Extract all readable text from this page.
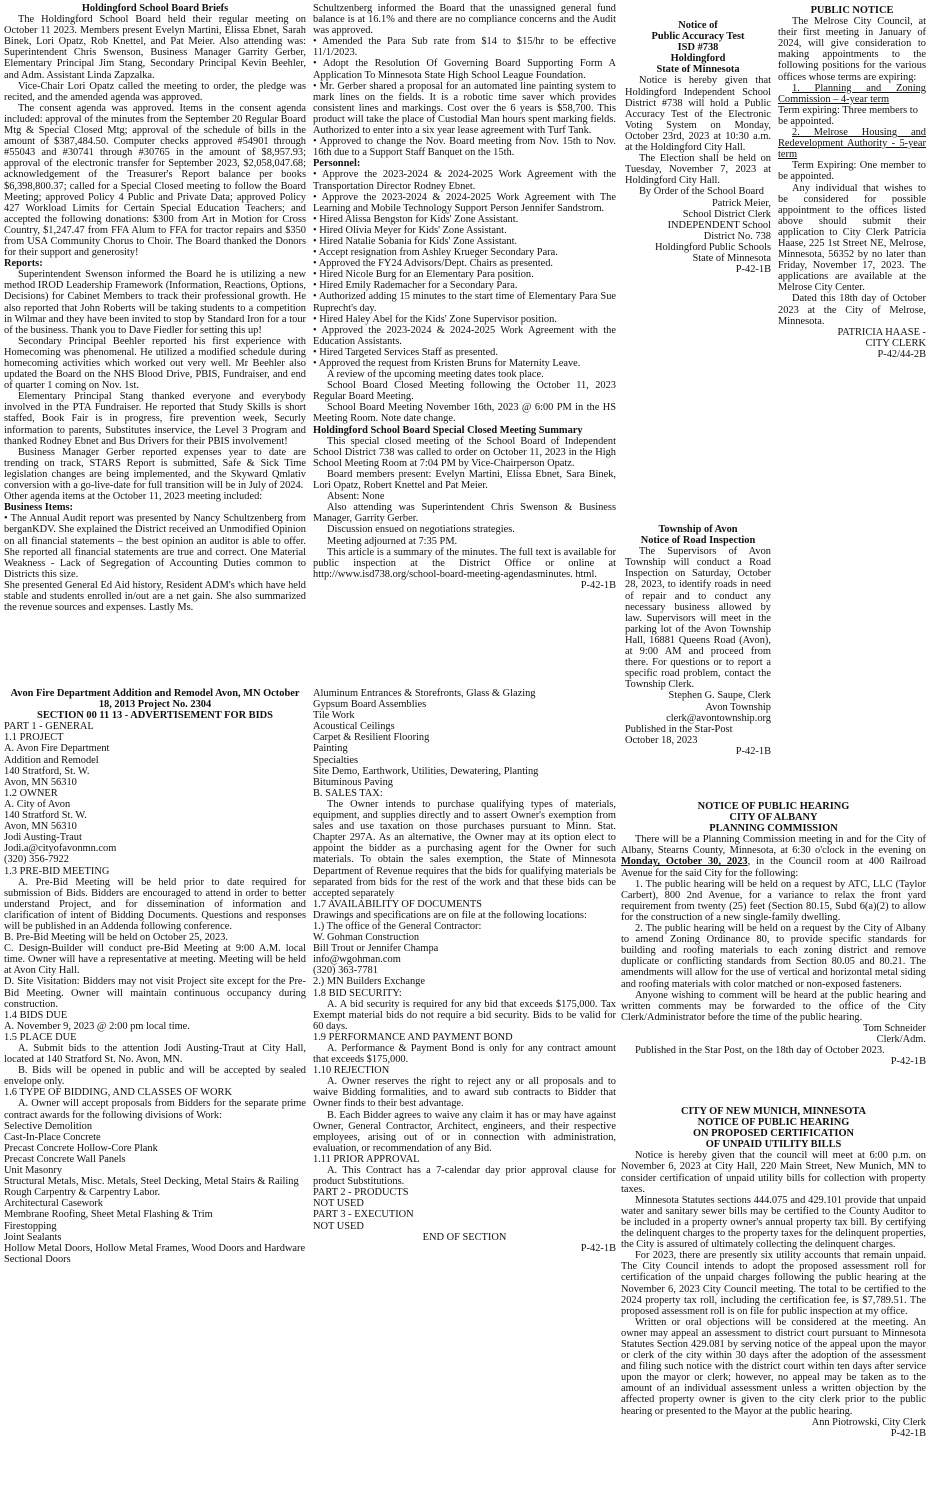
Holdingford School Board Briefs

The Holdingford School Board held their regular meeting on October 11 2023. Members present Evelyn Martini, Elissa Ebnet, Sarah Binek, Lori Opatz, Rob Knettel, and Pat Meier. Also attending was: Superintendent Chris Swenson, Business Manager Garrity Gerber, Elementary Principal Jim Stang, Secondary Principal Kevin Beehler, and Adm. Assistant Linda Zapzalka.

Vice-Chair Lori Opatz called the meeting to order, the pledge was recited, and the amended agenda was approved.

The consent agenda was approved. Items in the consent agenda included: approval of the minutes from the September 20 Regular Board Mtg & Special Closed Mtg; approval of the schedule of bills in the amount of $387,484.50. Computer checks approved #54901 through #55043 and #30741 through #30765 in the amount of $8,957.93; approval of the electronic transfer for September 2023, $2,058,047.68; acknowledgement of the Treasurer's Report balance per books $6,398,800.37; called for a Special Closed meeting to follow the Board Meeting; approved Policy 4 Public and Private Data; approved Policy 427 Workload Limits for Certain Special Education Teachers; and accepted the following donations: $300 from Art in Motion for Cross Country, $1,247.47 from FFA Alum to FFA for tractor repairs and $350 from USA Community Chorus to Choir. The Board thanked the Donors for their support and generosity!

Reports:

Superintendent Swenson informed the Board he is utilizing a new method IROD Leadership Framework (Information, Reactions, Options, Decisions) for Cabinet Members to track their professional growth. He also reported that John Roberts will be taking students to a competition in Wilmar and they have been invited to stop by Standard Iron for a tour of the business. Thank you to Dave Fiedler for setting this up!

Secondary Principal Beehler reported his first experience with Homecoming was phenomenal. He utilized a modified schedule during homecoming activities which worked out very well. Mr Beehler also updated the Board on the NHS Blood Drive, PBIS, Fundraiser, and end of quarter 1 coming on Nov. 1st.

Elementary Principal Stang thanked everyone and everybody involved in the PTA Fundraiser. He reported that Study Skills is short staffed, Book Fair is in progress, fire prevention week, Securly information to parents, Substitutes inservice, the Level 3 Program and thanked Rodney Ebnet and Bus Drivers for their PBIS involvement!

Business Manager Gerber reported expenses year to date are trending on track, STARS Report is submitted, Safe & Sick Time legislation changes are being implemented, and the Skyward Qmlativ conversion with a go-live-date for full transition will be in July of 2024.

Other agenda items at the October 11, 2023 meeting included:

Business Items:

• The Annual Audit report was presented by Nancy Schultzenberg from berganKDV. She explained the District received an Unmodified Opinion on all financial statements – the best opinion an auditor is able to offer. She reported all financial statements are true and correct. One Material Weakness - Lack of Segregation of Accounting Duties common to Districts this size.

She presented General Ed Aid history, Resident ADM's which have held stable and students enrolled in/out are a net gain. She also summarized the revenue sources and expenses. Lastly Ms.

Schultzenberg informed the Board that the unassigned general fund balance is at 16.1% and there are no compliance concerns and the Audit was approved.

• Amended the Para Sub rate from $14 to $15/hr to be effective 11/1/2023.

• Adopt the Resolution Of Governing Board Supporting Form A Application To Minnesota State High School League Foundation.

• Mr. Gerber shared a proposal for an automated line painting system to mark lines on the fields. It is a robotic time saver which provides consistent lines and markings. Cost over the 6 years is $58,700. This product will take the place of Custodial Man hours spent marking fields. Authorized to enter into a six year lease agreement with Turf Tank.

• Approved to change the Nov. Board meeting from Nov. 15th to Nov. 16th due to a Support Staff Banquet on the 15th.

Personnel:

• Approve the 2023-2024 & 2024-2025 Work Agreement with the Transportation Director Rodney Ebnet.

• Approve the 2023-2024 & 2024-2025 Work Agreement with The Learning and Mobile Technology Support Person Jennifer Sandstrom.

• Hired Alissa Bengston for Kids' Zone Assistant.
• Hired Olivia Meyer for Kids' Zone Assistant.
• Hired Natalie Sobania for Kids' Zone Assistant.
• Accept resignation from Ashley Krueger Secondary Para.
• Approved the FY24 Advisors/Dept. Chairs as presented.
• Hired Nicole Burg for an Elementary Para position.
• Hired Emily Rademacher for a Secondary Para.

• Authorized adding 15 minutes to the start time of Elementary Para Sue Ruprecht's day.

• Hired Haley Abel for the Kids' Zone Supervisor position.

• Approved the 2023-2024 & 2024-2025 Work Agreement with the Education Assistants.

• Hired Targeted Services Staff as presented.
• Approved the request from Kristen Bruns for Maternity Leave.

A review of the upcoming meeting dates took place.

School Board Closed Meeting following the October 11, 2023 Regular Board Meeting.

School Board Meeting November 16th, 2023 @ 6:00 PM in the HS Meeting Room. Note date change.

Holdingford School Board Special Closed Meeting Summary

This special closed meeting of the School Board of Independent School District 738 was called to order on October 11, 2023 in the High School Meeting Room at 7:04 PM by Vice-Chairperson Opatz.

Board members present: Evelyn Martini, Elissa Ebnet, Sara Binek, Lori Opatz, Robert Knettel and Pat Meier.

Absent: None

Also attending was Superintendent Chris Swenson & Business Manager, Garrity Gerber.

Discussion ensued on negotiations strategies.

Meeting adjourned at 7:35 PM.

This article is a summary of the minutes. The full text is available for public inspection at the District Office or online at http://www.isd738.org/school-board-meeting-agendasminutes. html.

P-42-1B

Notice of
Public Accuracy Test
ISD #738
Holdingford
State of Minnesota

Notice is hereby given that Holdingford Independent School District #738 will hold a Public Accuracy Test of the Electronic Voting System on Monday, October 23rd, 2023 at 10:30 a.m. at the Holdingford City Hall.

The Election shall be held on Tuesday, November 7, 2023 at Holdingford City Hall.

By Order of the School Board

Patrick Meier,
School District Clerk
INDEPENDENT School
District No. 738
Holdingford Public Schools
State of Minnesota

P-42-1B

PUBLIC NOTICE

The Melrose City Council, at their first meeting in January of 2024, will give consideration to making appointments to the following positions for the various offices whose terms are expiring:

1. Planning and Zoning Commission – 4-year term

Term expiring: Three members to be appointed.

2. Melrose Housing and Redevelopment Authority - 5-year term

Term Expiring: One member to be appointed.

Any individual that wishes to be considered for possible appointment to the offices listed above should submit their application to City Clerk Patricia Haase, 225 1st Street NE, Melrose, Minnesota, 56352 by no later than Friday, November 17, 2023. The applications are available at the Melrose City Center.

Dated this 18th day of October 2023 at the City of Melrose, Minnesota.

PATRICIA HAASE -
CITY CLERK

P-42/44-2B

Township of Avon
Notice of Road Inspection

The Supervisors of Avon Township will conduct a Road Inspection on Saturday, October 28, 2023, to identify roads in need of repair and to conduct any necessary business allowed by law. Supervisors will meet in the parking lot of the Avon Township Hall, 16881 Queens Road (Avon), at 9:00 AM and proceed from there. For questions or to report a specific road problem, contact the Township Clerk.

Stephen G. Saupe, Clerk
Avon Township
clerk@avontownship.org

Published in the Star-Post
October 18, 2023

P-42-1B

Avon Fire Department Addition and Remodel Avon, MN October 18, 2013 Project No. 2304
SECTION 00 11 13 - ADVERTISEMENT FOR BIDS
PART 1 - GENERAL
1.1 PROJECT
A. Avon Fire Department
Addition and Remodel
140 Stratford, St. W.
Avon, MN 56310
1.2 OWNER
A. City of Avon
140 Stratford St. W.
Avon, MN 56310
Jodi Austing-Traut
Jodi.a@cityofavonmn.com
(320) 356-7922
1.3 PRE-BID MEETING

A. Pre-Bid Meeting will be held prior to date required for submission of Bids. Bidders are encouraged to attend in order to better understand Project, and for dissemination of information and clarification of intent of Bidding Documents. Questions and responses will be published in an Addenda following conference.

B. Pre-Bid Meeting will be held on October 25, 2023.

C. Design-Builder will conduct pre-Bid Meeting at 9:00 A.M. local time. Owner will have a representative at meeting. Meeting will be held at Avon City Hall.

D. Site Visitation: Bidders may not visit Project site except for the Pre-Bid Meeting. Owner will maintain continuous occupancy during construction.

1.4 BIDS DUE
A. November 9, 2023 @ 2:00 pm local time.
1.5 PLACE DUE

A. Submit bids to the attention Jodi Austing-Traut at City Hall, located at 140 Stratford St. No. Avon, MN.

B. Bids will be opened in public and will be accepted by sealed envelope only.

1.6 TYPE OF BIDDING, AND CLASSES OF WORK

A. Owner will accept proposals from Bidders for the separate prime contract awards for the following divisions of Work:

Selective Demolition
Cast-In-Place Concrete
Precast Concrete Hollow-Core Plank
Precast Concrete Wall Panels
Unit Masonry
Structural Metals, Misc. Metals, Steel Decking, Metal Stairs & Railing Rough Carpentry & Carpentry Labor.
Architectural Casework
Membrane Roofing, Sheet Metal Flashing & Trim
Firestopping
Joint Sealants
Hollow Metal Doors, Hollow Metal Frames, Wood Doors and Hardware Sectional Doors
Aluminum Entrances & Storefronts, Glass & Glazing
Gypsum Board Assemblies
Tile Work
Acoustical Ceilings
Carpet & Resilient Flooring
Painting
Specialties
Site Demo, Earthwork, Utilities, Dewatering, Planting
Bituminous Paving
B. SALES TAX:

The Owner intends to purchase qualifying types of materials, equipment, and supplies directly and to assert Owner's exemption from sales and use taxation on those purchases pursuant to Minn. Stat. Chapter 297A. As an alternative, the Owner may at its option elect to appoint the bidder as a purchasing agent for the Owner for such materials. To obtain the sales exemption, the State of Minnesota Department of Revenue requires that the bids for qualifying materials be separated from bids for the rest of the work and that these bids can be accepted separately

1.7 AVAILABILITY OF DOCUMENTS

Drawings and specifications are on file at the following locations:

1.) The office of the General Contractor:
W. Gohman Construction
Bill Trout or Jennifer Champa
info@wgohman.com
(320) 363-7781
2.) MN Builders Exchange
1.8 BID SECURITY:

A. A bid security is required for any bid that exceeds $175,000. Tax Exempt material bids do not require a bid security. Bids to be valid for 60 days.

1.9 PERFORMANCE AND PAYMENT BOND

A. Performance & Payment Bond is only for any contract amount that exceeds $175,000.

1.10 REJECTION

A. Owner reserves the right to reject any or all proposals and to waive Bidding formalities, and to award sub contracts to Bidder that Owner finds to their best advantage.

B. Each Bidder agrees to waive any claim it has or may have against Owner, General Contractor, Architect, engineers, and their respective employees, arising out of or in connection with administration, evaluation, or recommendation of any Bid.

1.11 PRIOR APPROVAL

A. This Contract has a 7-calendar day prior approval clause for product Substitutions.

PART 2 - PRODUCTS
NOT USED
PART 3 - EXECUTION
NOT USED

END OF SECTION

P-42-1B

NOTICE OF PUBLIC HEARING
CITY OF ALBANY
PLANNING COMMISSION

There will be a Planning Commission meeting in and for the City of Albany, Stearns County, Minnesota, at 6:30 o'clock in the evening on Monday, October 30, 2023, in the Council room at 400 Railroad Avenue for the said City for the following:

1. The public hearing will be held on a request by ATC, LLC (Taylor Carbert), 800 2nd Avenue, for a variance to relax the front yard requirement from twenty (25) feet (Section 80.15, Subd 6(a)(2) to allow for the construction of a new single-family dwelling.

2. The public hearing will be held on a request by the City of Albany to amend Zoning Ordinance 80, to provide specific standards for building and roofing materials to each zoning district and remove duplicate or conflicting standards from Section 80.05 and 80.21. The amendments will allow for the use of vertical and horizontal metal siding and roofing materials with color matched or non-exposed fasteners.

Anyone wishing to comment will be heard at the public hearing and written comments may be forwarded to the office of the City Clerk/Administrator before the time of the public hearing.

Tom Schneider
Clerk/Adm.

Published in the Star Post, on the 18th day of October 2023.

P-42-1B

CITY OF NEW MUNICH, MINNESOTA
NOTICE OF PUBLIC HEARING
ON PROPOSED CERTIFICATION
OF UNPAID UTILITY BILLS

Notice is hereby given that the council will meet at 6:00 p.m. on November 6, 2023 at City Hall, 220 Main Street, New Munich, MN to consider certification of unpaid utility bills for collection with property taxes.

Minnesota Statutes sections 444.075 and 429.101 provide that unpaid water and sanitary sewer bills may be certified to the County Auditor to be included in a property owner's annual property tax bill. By certifying the delinquent charges to the property taxes for the delinquent properties, the City is assured of ultimately collecting the delinquent charges.

For 2023, there are presently six utility accounts that remain unpaid. The City Council intends to adopt the proposed assessment roll for certification of the unpaid charges following the public hearing at the November 6, 2023 City Council meeting. The total to be certified to the 2024 property tax roll, including the certification fee, is $7,789.51. The proposed assessment roll is on file for public inspection at my office.

Written or oral objections will be considered at the meeting. An owner may appeal an assessment to district court pursuant to Minnesota Statutes Section 429.081 by serving notice of the appeal upon the mayor or clerk of the city within 30 days after the adoption of the assessment and filing such notice with the district court within ten days after service upon the mayor or clerk; however, no appeal may be taken as to the amount of an individual assessment unless a written objection by the affected property owner is given to the city clerk prior to the public hearing or presented to the Mayor at the public hearing.

Ann Piotrowski, City Clerk

P-42-1B
